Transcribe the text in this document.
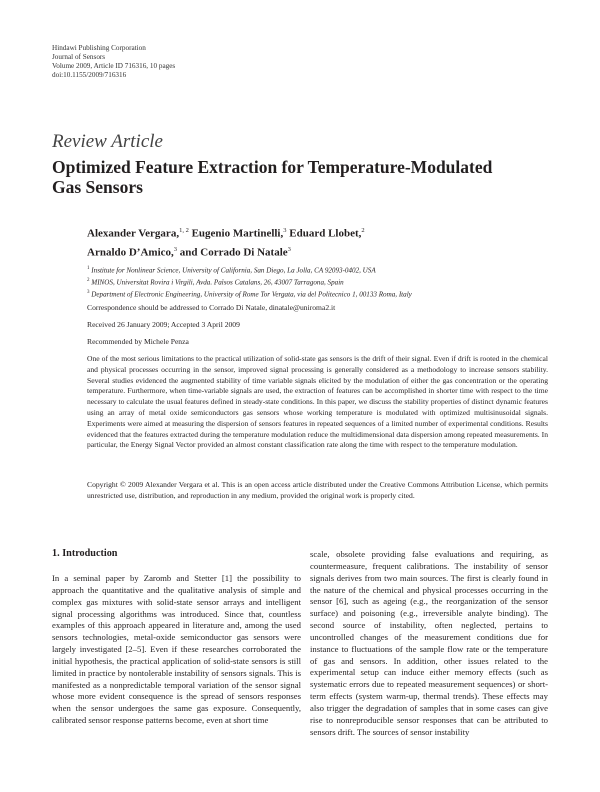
Hindawi Publishing Corporation
Journal of Sensors
Volume 2009, Article ID 716316, 10 pages
doi:10.1155/2009/716316
Review Article
Optimized Feature Extraction for Temperature-Modulated
Gas Sensors
Alexander Vergara,$^{1, 2}$ Eugenio Martinelli,$^3$ Eduard Llobet,$^2$
Arnaldo D’Amico,$^3$ and Corrado Di Natale$^3$
$^1$ Institute for Nonlinear Science, University of California, San Diego, La Jolla, CA 92093-0402, USA
$^2$ MINOS, Universitat Rovira i Virgili, Avda. Països Catalans, 26, 43007 Tarragona, Spain
$^3$ Department of Electronic Engineering, University of Rome Tor Vergata, via del Politecnico 1, 00133 Roma, Italy
Correspondence should be addressed to Corrado Di Natale, dinatale@uniroma2.it
Received 26 January 2009; Accepted 3 April 2009
Recommended by Michele Penza

One of the most serious limitations to the practical utilization of solid-state gas sensors is the drift of their signal. Even if drift is rooted in the chemical and physical processes occurring in the sensor, improved signal processing is generally considered as a methodology to increase sensors stability. Several studies evidenced the augmented stability of time variable signals elicited by the modulation of either the gas concentration or the operating temperature. Furthermore, when time-variable signals are used, the extraction of features can be accomplished in shorter time with respect to the time necessary to calculate the usual features defined in steady-state conditions. In this paper, we discuss the stability properties of distinct dynamic features using an array of metal oxide semiconductors gas sensors whose working temperature is modulated with optimized multisinusoidal signals. Experiments were aimed at measuring the dispersion of sensors features in repeated sequences of a limited number of experimental conditions. Results evidenced that the features extracted during the temperature modulation reduce the multidimensional data dispersion among repeated measurements. In particular, the Energy Signal Vector provided an almost constant classification rate along the time with respect to the temperature modulation.

Copyright © 2009 Alexander Vergara et al. This is an open access article distributed under the Creative Commons Attribution License, which permits unrestricted use, distribution, and reproduction in any medium, provided the original work is properly cited.

1. Introduction

In a seminal paper by Zaromb and Stetter [1] the possibility to approach the quantitative and the qualitative analysis of simple and complex gas mixtures with solid-state sensor arrays and intelligent signal processing algorithms was introduced. Since that, countless examples of this approach appeared in literature and, among the used sensors technologies, metal-oxide semiconductor gas sensors were largely investigated [2–5]. Even if these researches corroborated the initial hypothesis, the practical application of solid-state sensors is still limited in practice by nontolerable instability of sensors signals. This is manifested as a nonpredictable temporal variation of the sensor signal whose more evident consequence is the spread of sensors responses when the sensor undergoes the same gas exposure. Consequently, calibrated sensor response patterns become, even at short time

scale, obsolete providing false evaluations and requiring, as countermeasure, frequent calibrations. The instability of sensor signals derives from two main sources. The first is clearly found in the nature of the chemical and physical processes occurring in the sensor [6], such as ageing (e.g., the reorganization of the sensor surface) and poisoning (e.g., irreversible analyte binding). The second source of instability, often neglected, pertains to uncontrolled changes of the measurement conditions due for instance to fluctuations of the sample flow rate or the temperature of gas and sensors. In addition, other issues related to the experimental setup can induce either memory effects (such as systematic errors due to repeated measurement sequences) or short-term effects (system warm-up, thermal trends). These effects may also trigger the degradation of samples that in some cases can give rise to nonreproducible sensor responses that can be attributed to sensors drift. The sources of sensor instability
